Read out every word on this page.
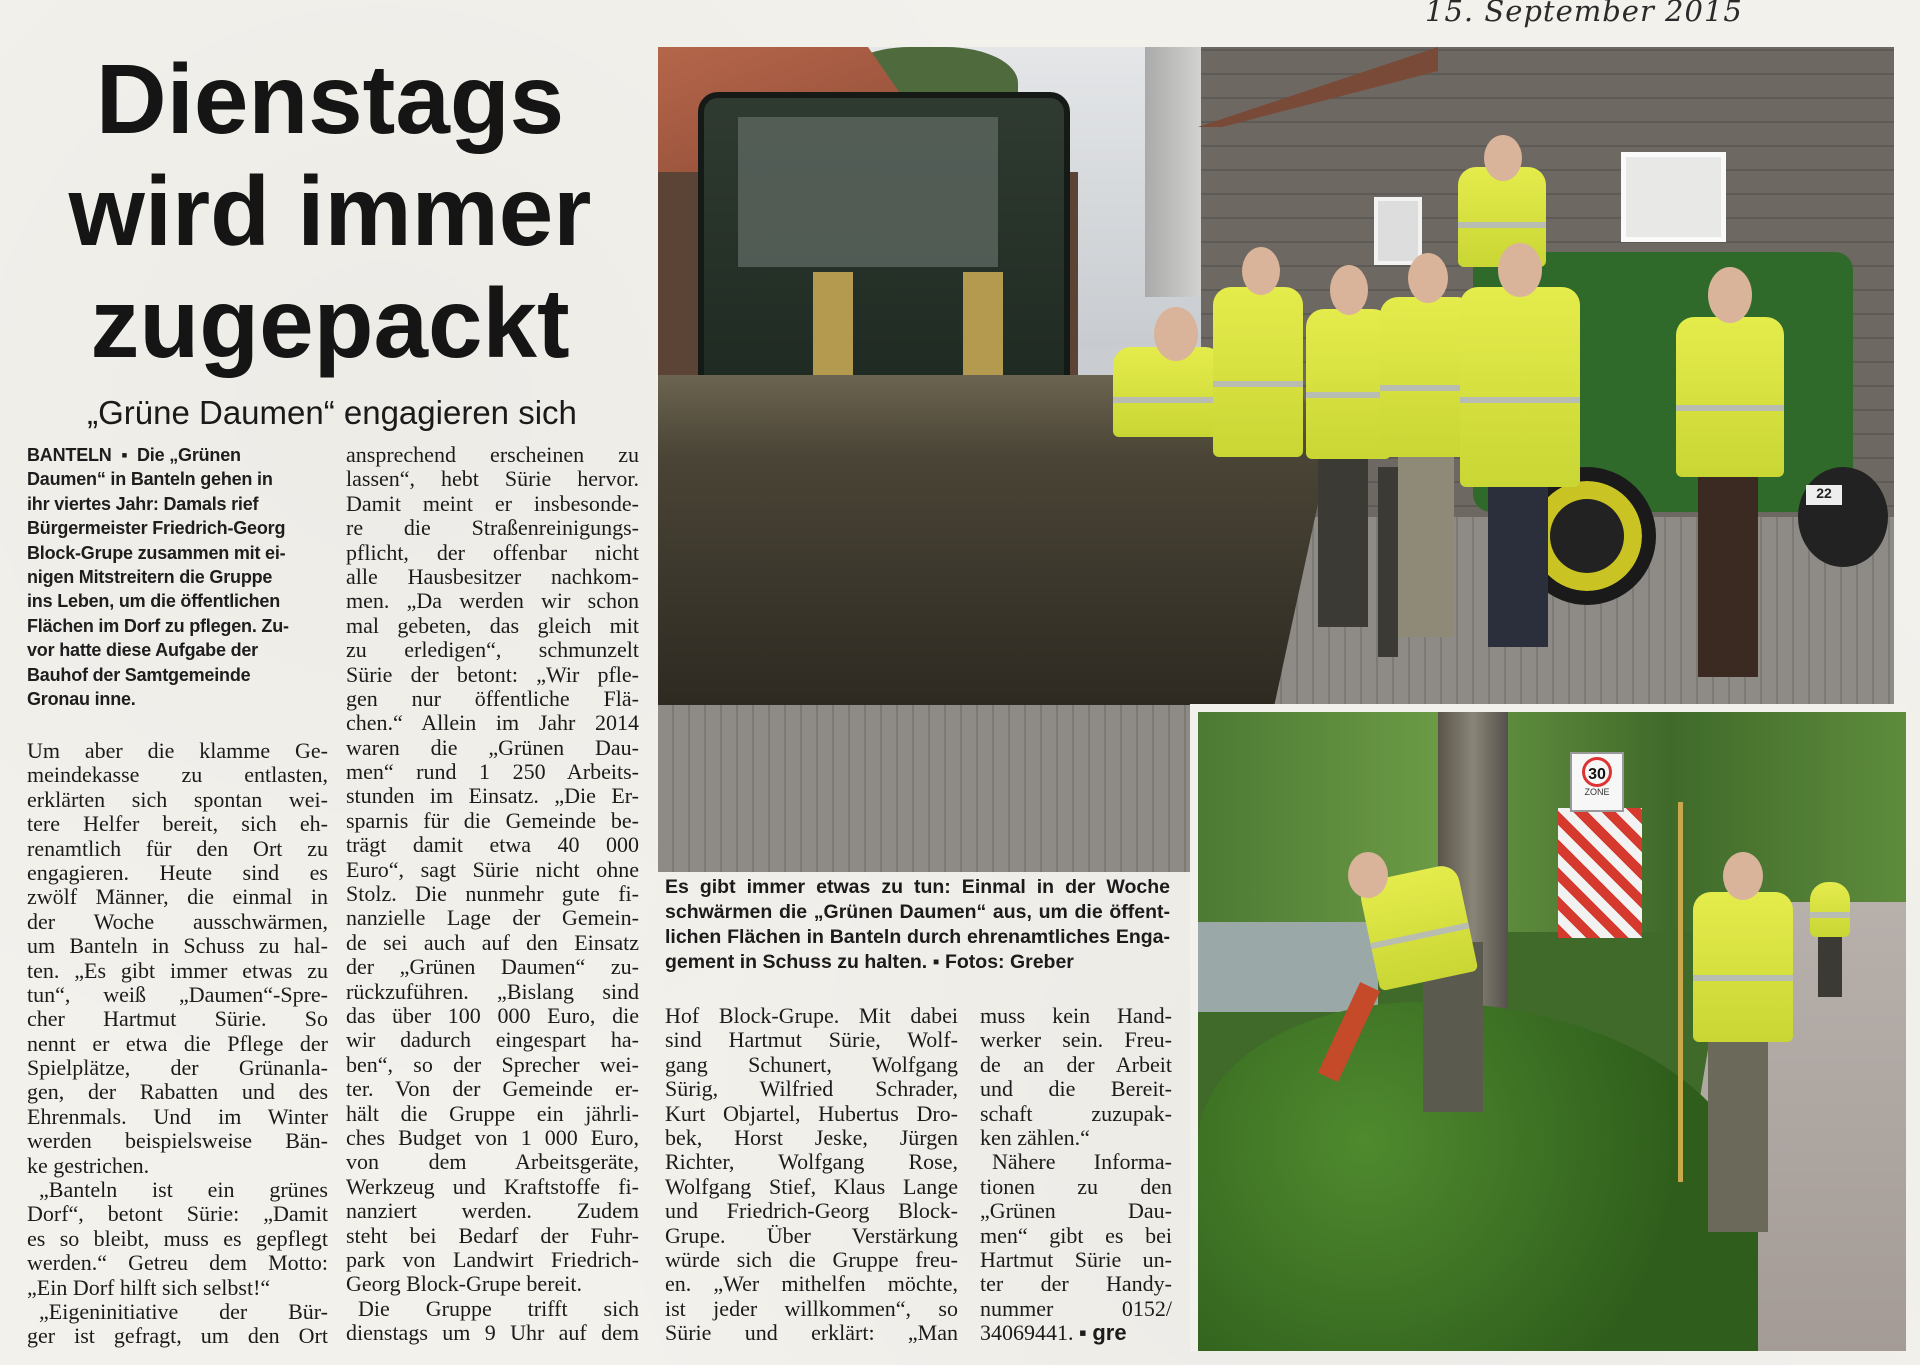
15. September 2015
Dienstags
wird immer
zugepackt
„Grüne Daumen“ engagieren sich
BANTELN ▪ Die „Grünen
Daumen“ in Banteln gehen in
ihr viertes Jahr: Damals rief
Bürgermeister Friedrich-Georg
Block-Grupe zusammen mit ei-
nigen Mitstreitern die Gruppe
ins Leben, um die öffentlichen
Flächen im Dorf zu pflegen. Zu-
vor hatte diese Aufgabe der
Bauhof der Samtgemeinde
Gronau inne.
Um aber die klamme Ge-
meindekasse zu entlasten,
erklärten sich spontan wei-
tere Helfer bereit, sich eh-
renamtlich für den Ort zu
engagieren. Heute sind es
zwölf Männer, die einmal in
der Woche ausschwärmen,
um Banteln in Schuss zu hal-
ten. „Es gibt immer etwas zu
tun“, weiß „Daumen“-Spre-
cher Hartmut Sürie. So
nennt er etwa die Pflege der
Spielplätze, der Grünanla-
gen, der Rabatten und des
Ehrenmals. Und im Winter
werden beispielsweise Bän-
ke gestrichen.
„Banteln ist ein grünes
Dorf“, betont Sürie: „Damit
es so bleibt, muss es gepflegt
werden.“ Getreu dem Motto:
„Ein Dorf hilft sich selbst!“
„Eigeninitiative der Bür-
ger ist gefragt, um den Ort
ansprechend erscheinen zu
lassen“, hebt Sürie hervor.
Damit meint er insbesonde-
re die Straßenreinigungs-
pflicht, der offenbar nicht
alle Hausbesitzer nachkom-
men. „Da werden wir schon
mal gebeten, das gleich mit
zu erledigen“, schmunzelt
Sürie der betont: „Wir pfle-
gen nur öffentliche Flä-
chen.“ Allein im Jahr 2014
waren die „Grünen Dau-
men“ rund 1 250 Arbeits-
stunden im Einsatz. „Die Er-
sparnis für die Gemeinde be-
trägt damit etwa 40 000
Euro“, sagt Sürie nicht ohne
Stolz. Die nunmehr gute fi-
nanzielle Lage der Gemein-
de sei auch auf den Einsatz
der „Grünen Daumen“ zu-
rückzuführen. „Bislang sind
das über 100 000 Euro, die
wir dadurch eingespart ha-
ben“, so der Sprecher wei-
ter. Von der Gemeinde er-
hält die Gruppe ein jährli-
ches Budget von 1 000 Euro,
von dem Arbeitsgeräte,
Werkzeug und Kraftstoffe fi-
nanziert werden. Zudem
steht bei Bedarf der Fuhr-
park von Landwirt Friedrich-
Georg Block-Grupe bereit.
Die Gruppe trifft sich
dienstags um 9 Uhr auf dem
Hof Block-Grupe. Mit dabei
sind Hartmut Sürie, Wolf-
gang Schunert, Wolfgang
Sürig, Wilfried Schrader,
Kurt Objartel, Hubertus Dro-
bek, Horst Jeske, Jürgen
Richter, Wolfgang Rose,
Wolfgang Stief, Klaus Lange
und Friedrich-Georg Block-
Grupe. Über Verstärkung
würde sich die Gruppe freu-
en. „Wer mithelfen möchte,
ist jeder willkommen“, so
Sürie und erklärt: „Man
muss kein Hand-
werker sein. Freu-
de an der Arbeit
und die Bereit-
schaft zuzupak-
ken zählen.“
Nähere Informa-
tionen zu den
„Grünen Dau-
men“ gibt es bei
Hartmut Sürie un-
ter der Handy-
nummer 0152/
34069441. ▪ gre
22
30
ZONE
Es gibt immer etwas zu tun: Einmal in der Woche
schwärmen die „Grünen Daumen“ aus, um die öffent-
lichen Flächen in Banteln durch ehrenamtliches Enga-
gement in Schuss zu halten. ▪ Fotos: Greber
